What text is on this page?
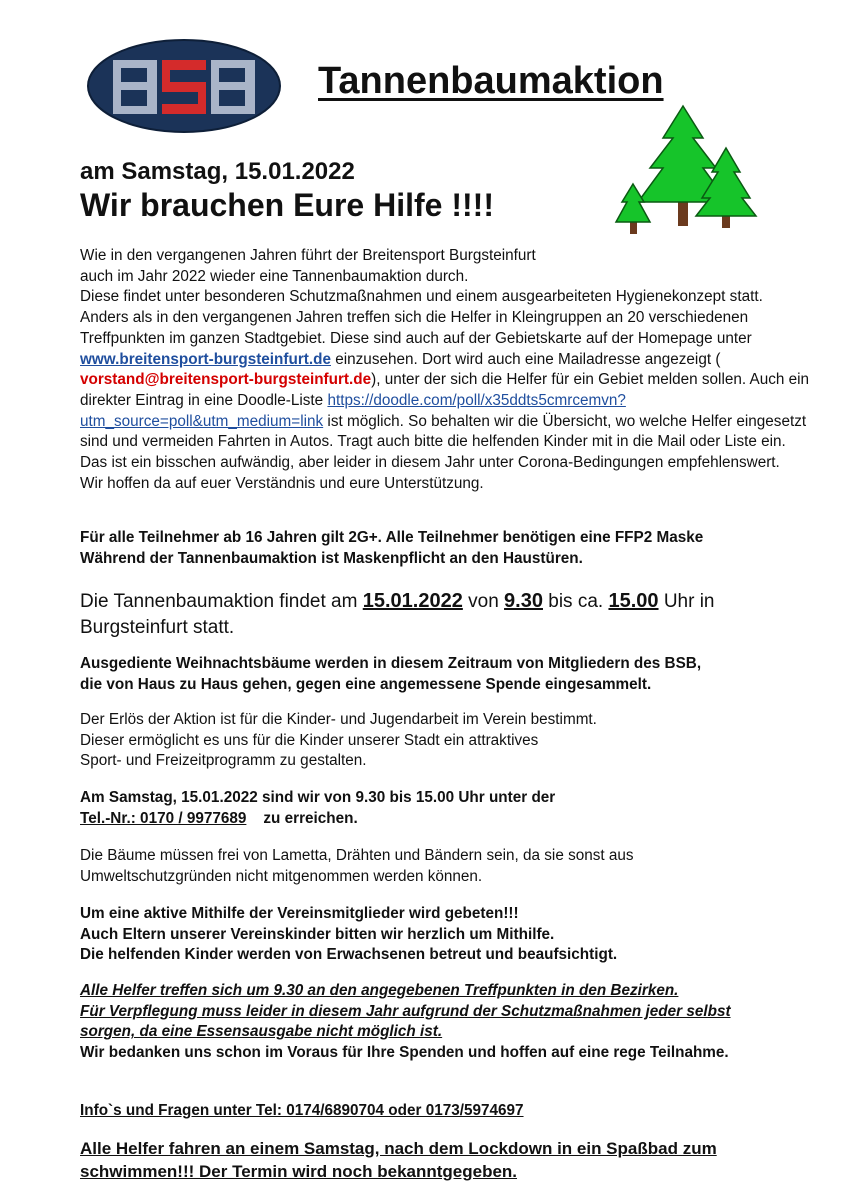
Tannenbaumaktion
am Samstag, 15.01.2022
Wir brauchen Eure Hilfe !!!!

Wie in den vergangenen Jahren führt der Breitensport Burgsteinfurt

auch im Jahr 2022 wieder eine Tannenbaumaktion durch.

Diese findet unter besonderen Schutzmaßnahmen und einem ausgearbeiteten Hygienekonzept statt. Anders als in den vergangenen Jahren treffen sich die Helfer in Kleingruppen an 20 verschiedenen Treffpunkten im ganzen Stadtgebiet. Diese sind auch auf der Gebietskarte auf der Homepage unter www.breitensport-burgsteinfurt.de einzusehen. Dort wird auch eine Mailadresse angezeigt ( vorstand@breitensport-burgsteinfurt.de), unter der sich die Helfer für ein Gebiet melden sollen. Auch ein direkter Eintrag in eine Doodle-Liste https://doodle.com/poll/x35ddts5cmrcemvn?utm_source=poll&utm_medium=link ist möglich. So behalten wir die Übersicht, wo welche Helfer eingesetzt sind und vermeiden Fahrten in Autos. Tragt auch bitte die helfenden Kinder mit in die Mail oder Liste ein. Das ist ein bisschen aufwändig, aber leider in diesem Jahr unter Corona-Bedingungen empfehlenswert.

Wir hoffen da auf euer Verständnis und eure Unterstützung.

Für alle Teilnehmer ab 16 Jahren gilt 2G+. Alle Teilnehmer benötigen eine FFP2 Maske
Während der Tannenbaumaktion ist Maskenpflicht an den Haustüren.
Die Tannenbaumaktion findet am 15.01.2022 von 9.30 bis ca. 15.00 Uhr in Burgsteinfurt statt.
Ausgediente Weihnachtsbäume werden in diesem Zeitraum von Mitgliedern des BSB,
die von Haus zu Haus gehen, gegen eine angemessene Spende eingesammelt.
Der Erlös der Aktion ist für die Kinder- und Jugendarbeit im Verein bestimmt.
Dieser ermöglicht es uns für die Kinder unserer Stadt ein attraktives
Sport- und Freizeitprogramm zu gestalten.
Am Samstag, 15.01.2022 sind wir von 9.30 bis 15.00 Uhr unter der
Tel.-Nr.: 0170 / 9977689 zu erreichen.
Die Bäume müssen frei von Lametta, Drähten und Bändern sein, da sie sonst aus
Umweltschutzgründen nicht mitgenommen werden können.
Um eine aktive Mithilfe der Vereinsmitglieder wird gebeten!!!
Auch Eltern unserer Vereinskinder bitten wir herzlich um Mithilfe.
Die helfenden Kinder werden von Erwachsenen betreut und beaufsichtigt.
Alle Helfer treffen sich um 9.30 an den angegebenen Treffpunkten in den Bezirken.
Für Verpflegung muss leider in diesem Jahr aufgrund der Schutzmaßnahmen jeder selbst sorgen, da eine Essensausgabe nicht möglich ist.
Wir bedanken uns schon im Voraus für Ihre Spenden und hoffen auf eine rege Teilnahme.
Info`s und Fragen unter Tel: 0174/6890704 oder 0173/5974697
Alle Helfer fahren an einem Samstag, nach dem Lockdown in ein Spaßbad zum schwimmen!!! Der Termin wird noch bekanntgegeben.
